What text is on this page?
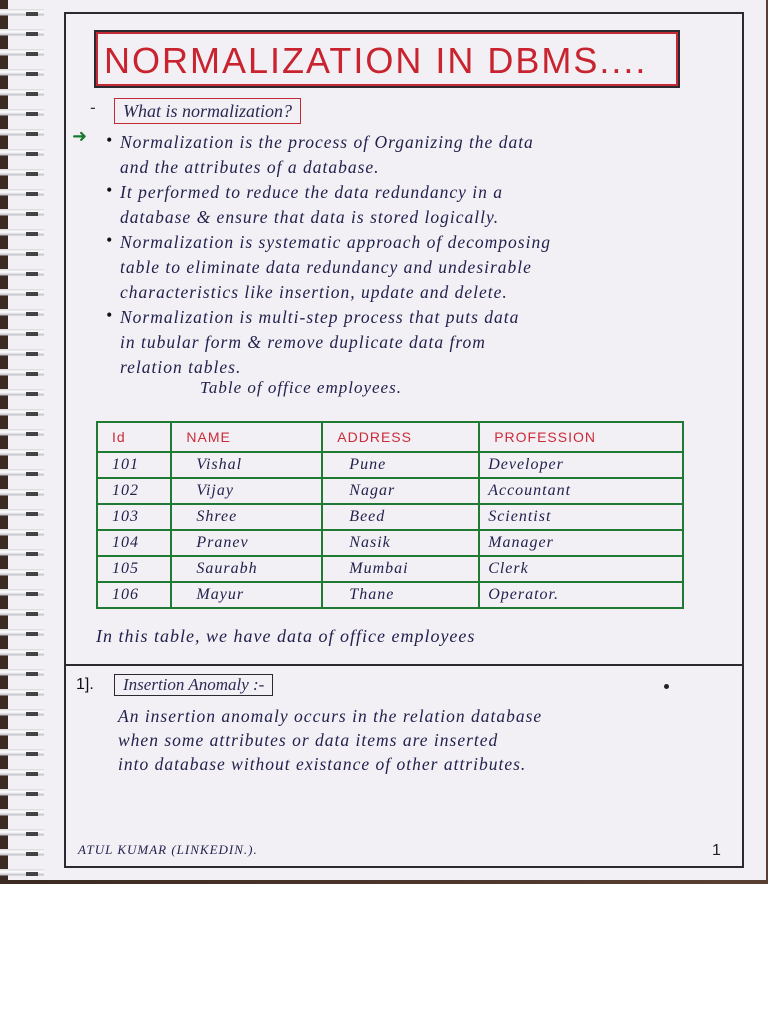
NORMALIZATION IN DBMS....
-	What is normalization?
➜ • Normalization is the process of Organizing the data
and the attributes of a database.
• It performed to reduce the data redundancy in a
database & ensure that data is stored logically.
• Normalization is systematic approach of decomposing
table to eliminate data redundancy and undesirable
characteristics like insertion, update and delete.
• Normalization is multi-step process that puts data
in tubular form & remove duplicate data from
relation tables.
Table of office employees.
Id	NAME	ADDRESS	PROFESSION
101	Vishal	Pune	Developer
102	Vijay	Nagar	Accountant
103	Shree	Beed	Scientist
104	Pranev	Nasik	Manager
105	Saurabh	Mumbai	Clerk
106	Mayur	Thane	Operator.
In this table, we have data of office employees
1].	Insertion Anomaly :-
An insertion anomaly occurs in the relation database
when some attributes or data items are inserted
into database without existance of other attributes.
ATUL KUMAR (LINKEDIN.).	1
